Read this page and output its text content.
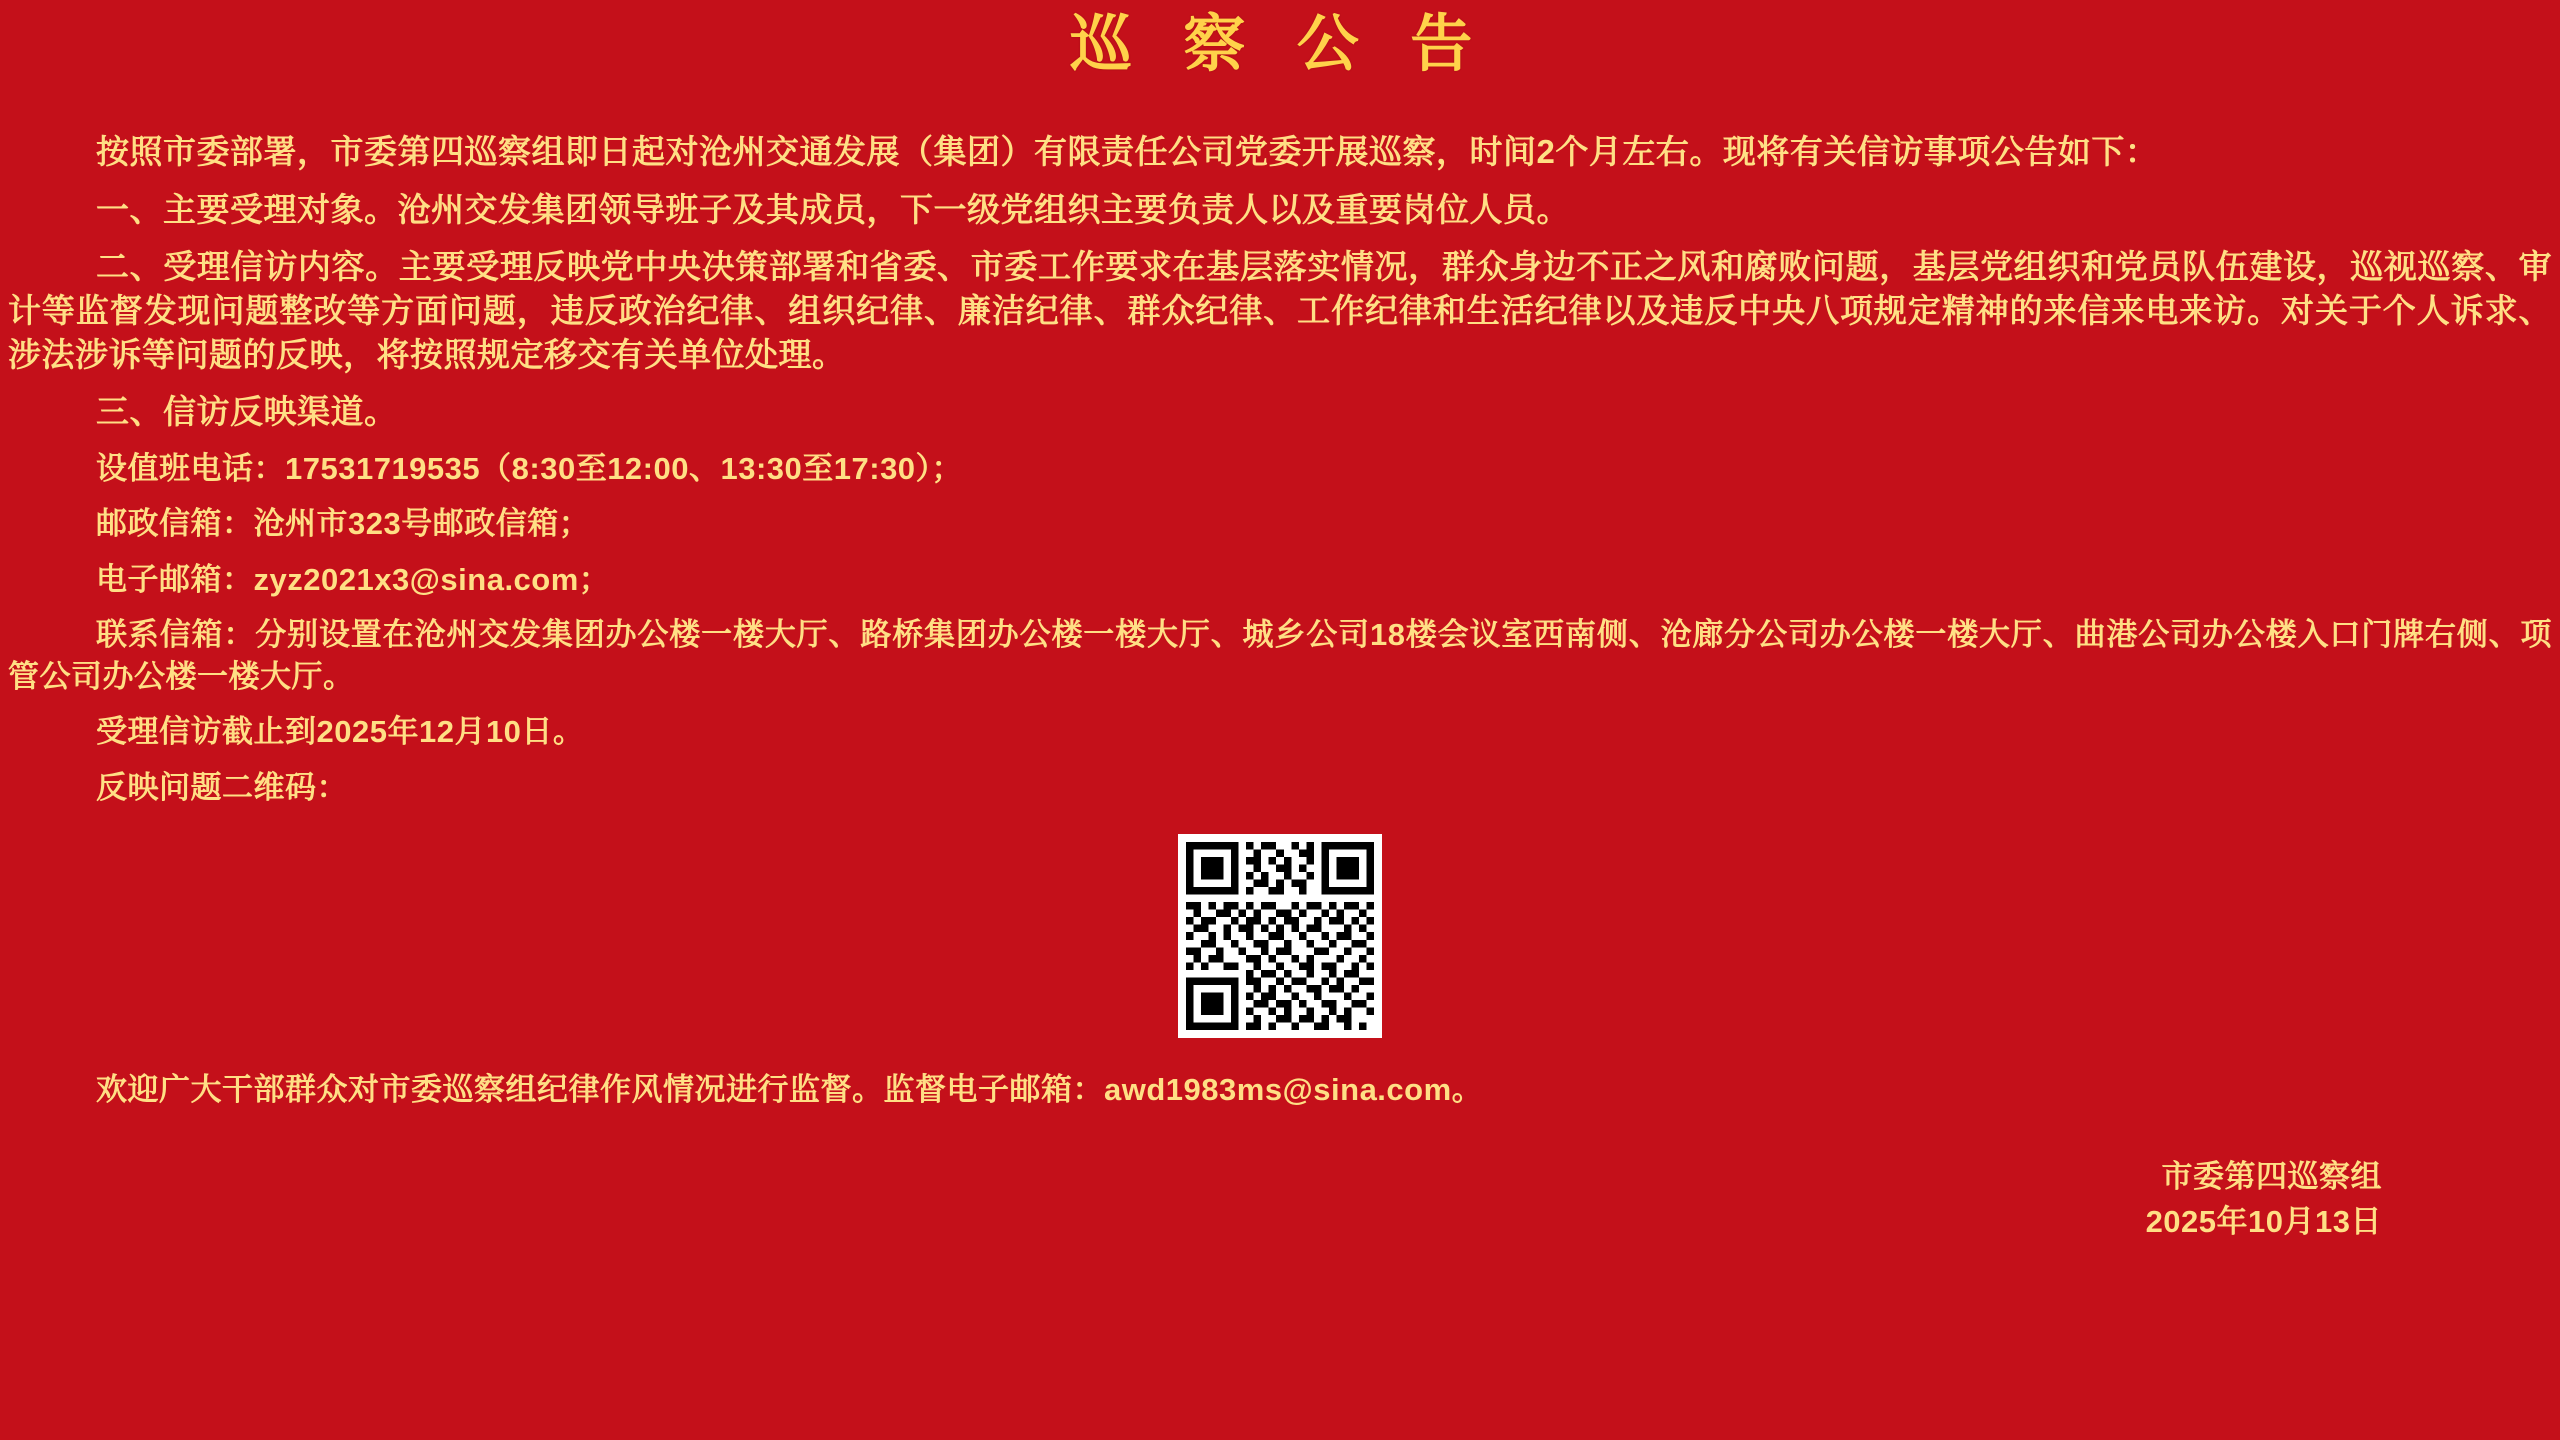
巡 察 公 告

按照市委部署，市委第四巡察组即日起对沧州交通发展（集团）有限责任公司党委开展巡察，时间2个月左右。现将有关信访事项公告如下：

一、主要受理对象。沧州交发集团领导班子及其成员，下一级党组织主要负责人以及重要岗位人员。

二、受理信访内容。主要受理反映党中央决策部署和省委、市委工作要求在基层落实情况，群众身边不正之风和腐败问题，基层党组织和党员队伍建设，巡视巡察、审计等监督发现问题整改等方面问题，违反政治纪律、组织纪律、廉洁纪律、群众纪律、工作纪律和生活纪律以及违反中央八项规定精神的来信来电来访。对关于个人诉求、涉法涉诉等问题的反映，将按照规定移交有关单位处理。

三、信访反映渠道。

设值班电话：17531719535（8:30至12:00、13:30至17:30）；

邮政信箱：沧州市323号邮政信箱；

电子邮箱：zyz2021x3@sina.com；

联系信箱：分别设置在沧州交发集团办公楼一楼大厅、路桥集团办公楼一楼大厅、城乡公司18楼会议室西南侧、沧廊分公司办公楼一楼大厅、曲港公司办公楼入口门牌右侧、项管公司办公楼一楼大厅。

受理信访截止到2025年12月10日。

反映问题二维码：

欢迎广大干部群众对市委巡察组纪律作风情况进行监督。监督电子邮箱：awd1983ms@sina.com。

市委第四巡察组
2025年10月13日
